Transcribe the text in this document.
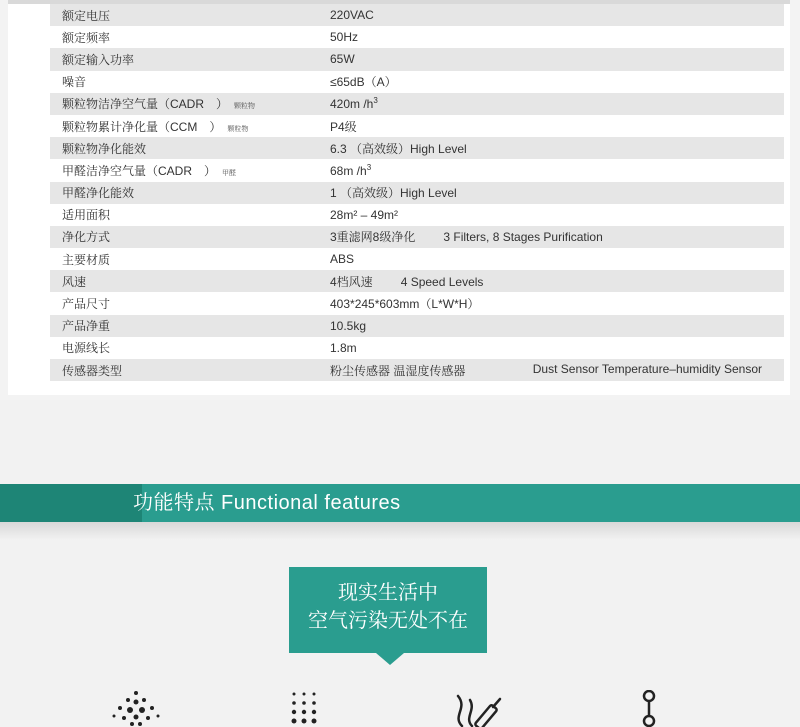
额定电压	220VAC
额定频率	50Hz
额定输入功率	65W
噪音	≤65dB（A）
颗粒物洁净空气量（CADR　） 颗粒物	420m $/h^3$
颗粒物累计净化量（CCM　） 颗粒物	P4级
颗粒物净化能效	6.3 （高效级）High Level
甲醛洁净空气量（CADR　） 甲醛	68m $/h^3$
甲醛净化能效	1 （高效级）High Level
适用面积	28m² – 49m²
净化方式	3重滤网8级净化 3 Filters, 8 Stages Purification
主要材质	ABS
风速	4档风速 4 Speed Levels
产品尺寸	403*245*603mm（L*W*H）
产品净重	10.5kg
电源线长	1.8m
传感器类型	粉尘传感器 温湿度传感器	Dust Sensor Temperature–humidity Sensor
功能特点 Functional features
现实生活中
空气污染无处不在
